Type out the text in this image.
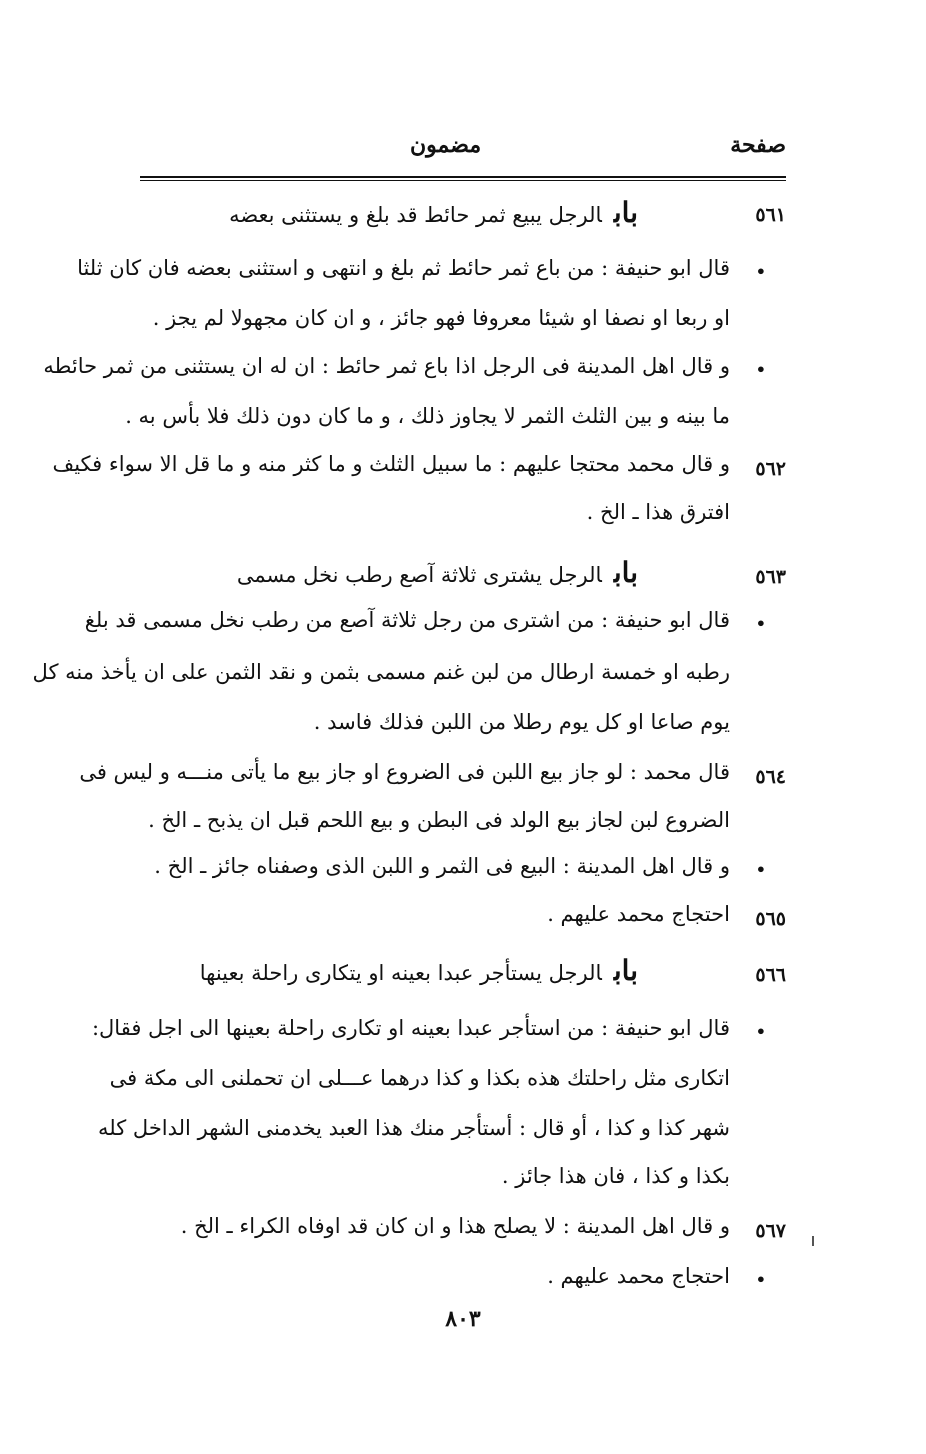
صفحة
مضمون
٥٦١
بابالرجل يبيع ثمر حائط قد بلغ و يستثنى بعضه
•
قال ابو حنيفة : من باع ثمر حائط ثم بلغ و انتهى و استثنى بعضه فان كان ثلثا
او ربعا او نصفا او شيئا معروفا فهو جائز ، و ان كان مجهولا لم يجز .
•
و قال اهل المدينة فى الرجل اذا باع ثمر حائط : ان له ان يستثنى من ثمر حائطه
ما بينه و بين الثلث الثمر لا يجاوز ذلك ، و ما كان دون ذلك فلا بأس به .
٥٦٢
و قال محمد محتجا عليهم : ما سبيل الثلث و ما كثر منه و ما قل الا سواء فكيف
افترق هذا ـ الخ .
٥٦٣
بابالرجل يشترى ثلاثة آصع رطب نخل مسمى
•
قال ابو حنيفة : من اشترى من رجل ثلاثة آصع من رطب نخل مسمى قد بلغ
رطبه او خمسة ارطال من لبن غنم مسمى بثمن و نقد الثمن على ان يأخذ منه كل
يوم صاعا او كل يوم رطلا من اللبن فذلك فاسد .
٥٦٤
قال محمد : لو جاز بيع اللبن فى الضروع او جاز بيع ما يأتى منـــه و ليس فى
الضروع لبن لجاز بيع الولد فى البطن و بيع اللحم قبل ان يذبح ـ الخ .
•
و قال اهل المدينة : البيع فى الثمر و اللبن الذى وصفناه جائز ـ الخ .
٥٦٥
احتجاج محمد عليهم .
٥٦٦
بابالرجل يستأجر عبدا بعينه او يتكارى راحلة بعينها
•
قال ابو حنيفة : من استأجر عبدا بعينه او تكارى راحلة بعينها الى اجل فقال:
اتكارى مثل راحلتك هذه بكذا و كذا درهما عـــلى ان تحملنى الى مكة فى
شهر كذا و كذا ، أو قال : أستأجر منك هذا العبد يخدمنى الشهر الداخل كله
بكذا و كذا ، فان هذا جائز .
٥٦٧
و قال اهل المدينة : لا يصلح هذا و ان كان قد اوفاه الكراء ـ الخ .
•
احتجاج محمد عليهم .
٨٠٣
